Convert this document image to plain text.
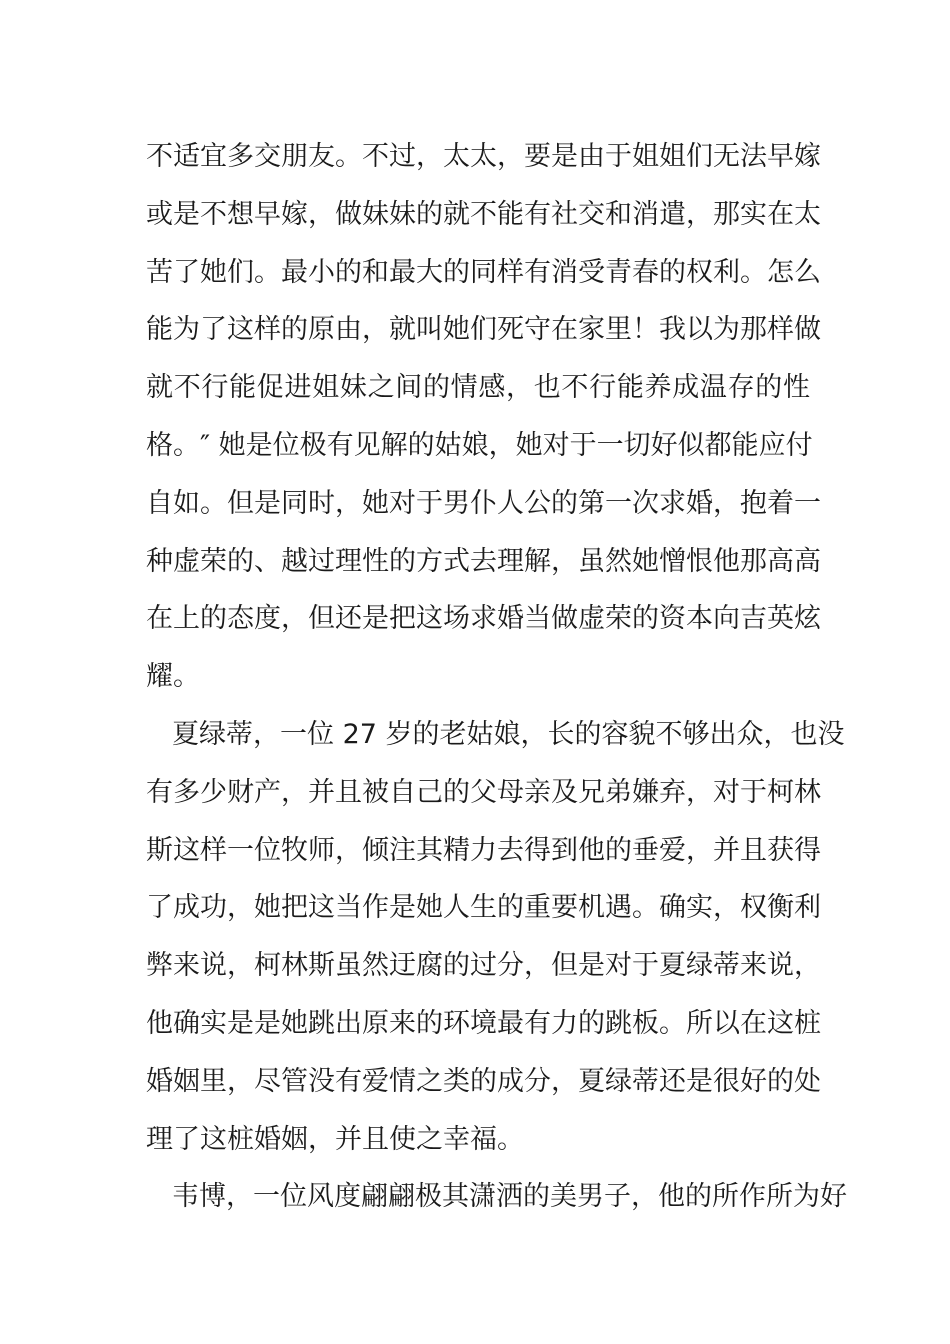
不适宜多交朋友。不过，太太，要是由于姐姐们无法早嫁
或是不想早嫁，做妹妹的就不能有社交和消遣，那实在太
苦了她们。最小的和最大的同样有消受青春的权利。怎么
能为了这样的原由，就叫她们死守在家里！我以为那样做
就不行能促进姐妹之间的情感，也不行能养成温存的性
格。″ 她是位极有见解的姑娘，她对于一切好似都能应付
自如。但是同时，她对于男仆人公的第一次求婚，抱着一
种虚荣的、越过理性的方式去理解，虽然她憎恨他那高高
在上的态度，但还是把这场求婚当做虚荣的资本向吉英炫
耀。
夏绿蒂，一位 27 岁的老姑娘，长的容貌不够出众，也没
有多少财产，并且被自己的父母亲及兄弟嫌弃，对于柯林
斯这样一位牧师，倾注其精力去得到他的垂爱，并且获得
了成功，她把这当作是她人生的重要机遇。确实，权衡利
弊来说，柯林斯虽然迂腐的过分，但是对于夏绿蒂来说，
他确实是是她跳出原来的环境最有力的跳板。所以在这桩
婚姻里，尽管没有爱情之类的成分，夏绿蒂还是很好的处
理了这桩婚姻，并且使之幸福。
韦博，一位风度翩翩极其潇洒的美男子，他的所作所为好
